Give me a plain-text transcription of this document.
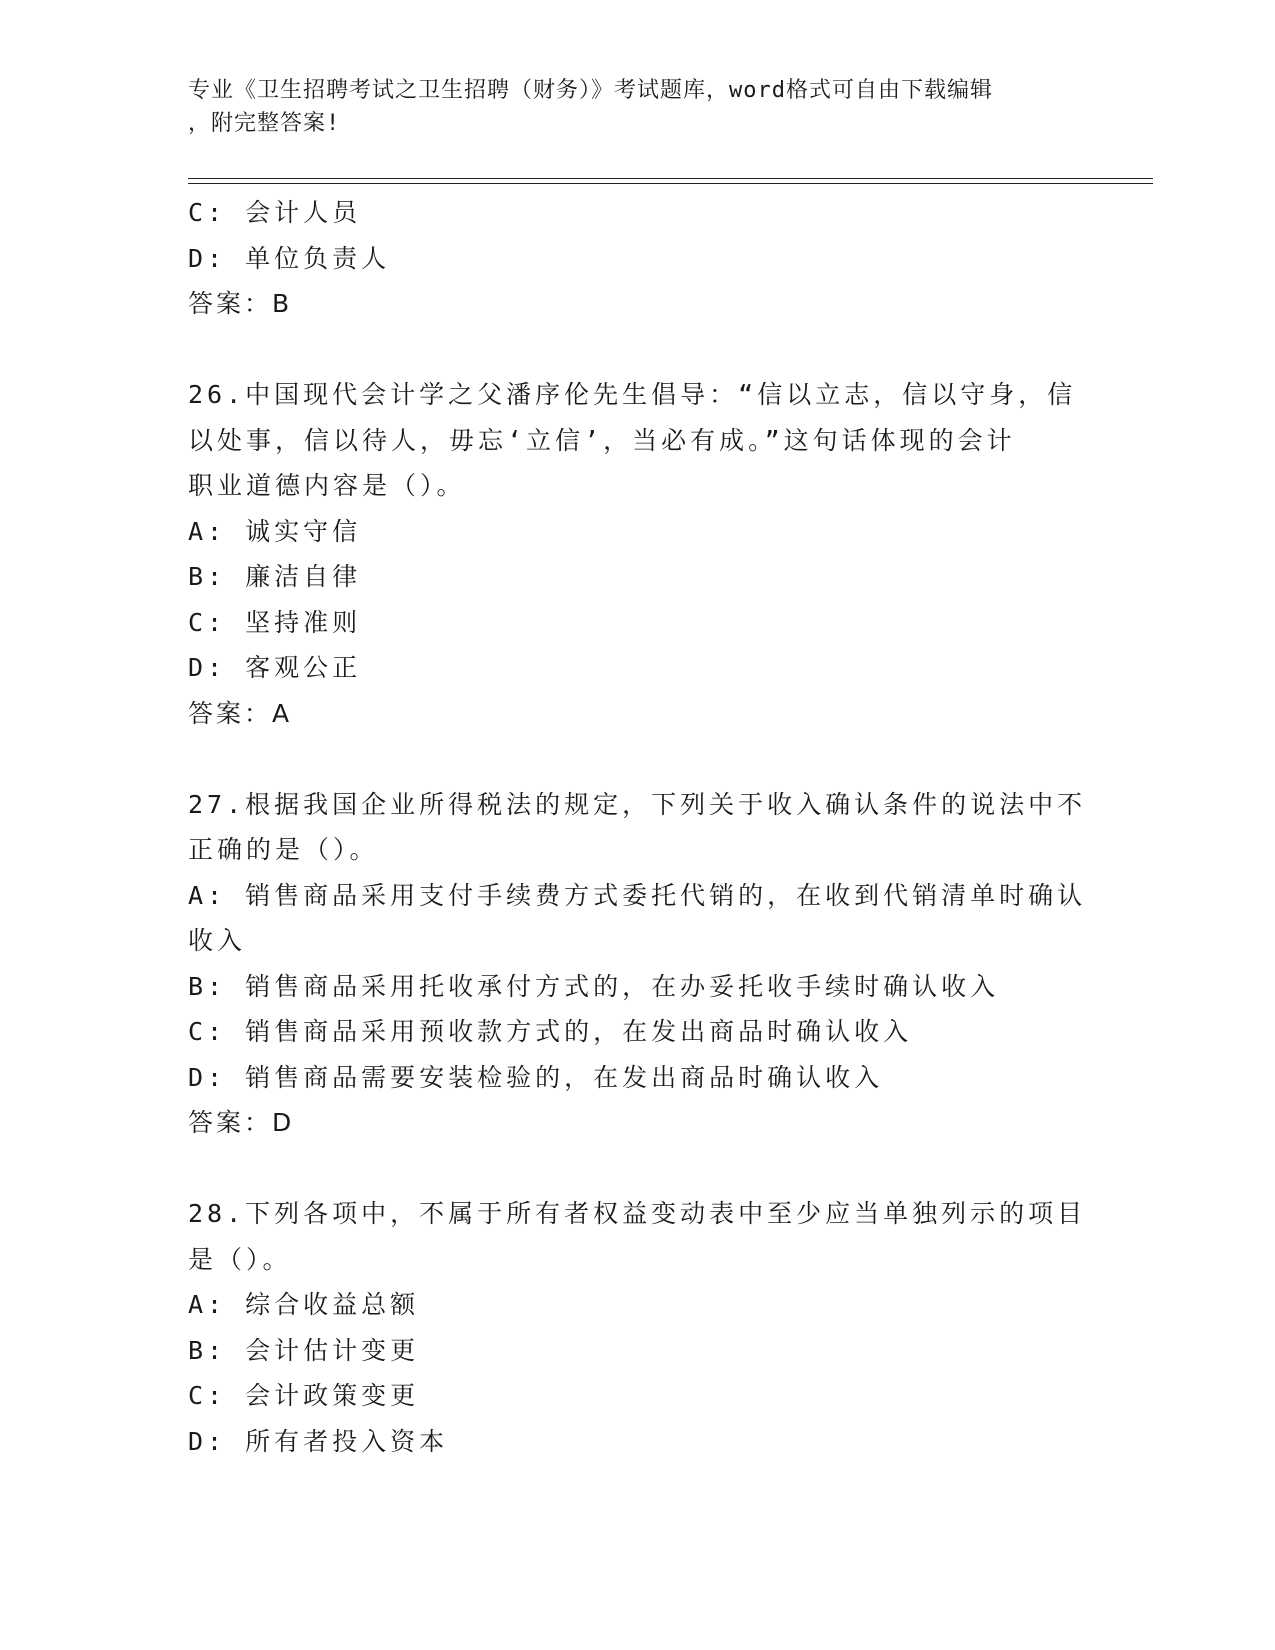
专业《卫生招聘考试之卫生招聘（财务）》考试题库，word格式可自由下载编辑
，附完整答案!
C: 会计人员
D: 单位负责人
答案：B
26.中国现代会计学之父潘序伦先生倡导：“信以立志，信以守身，信
以处事，信以待人，毋忘‘立信’，当必有成。”这句话体现的会计
职业道德内容是（）。
A: 诚实守信
B: 廉洁自律
C: 坚持准则
D: 客观公正
答案：A
27.根据我国企业所得税法的规定，下列关于收入确认条件的说法中不
正确的是（）。
A: 销售商品采用支付手续费方式委托代销的，在收到代销清单时确认
收入
B: 销售商品采用托收承付方式的，在办妥托收手续时确认收入
C: 销售商品采用预收款方式的，在发出商品时确认收入
D: 销售商品需要安装检验的，在发出商品时确认收入
答案：D
28.下列各项中，不属于所有者权益变动表中至少应当单独列示的项目
是（）。
A: 综合收益总额
B: 会计估计变更
C: 会计政策变更
D: 所有者投入资本
